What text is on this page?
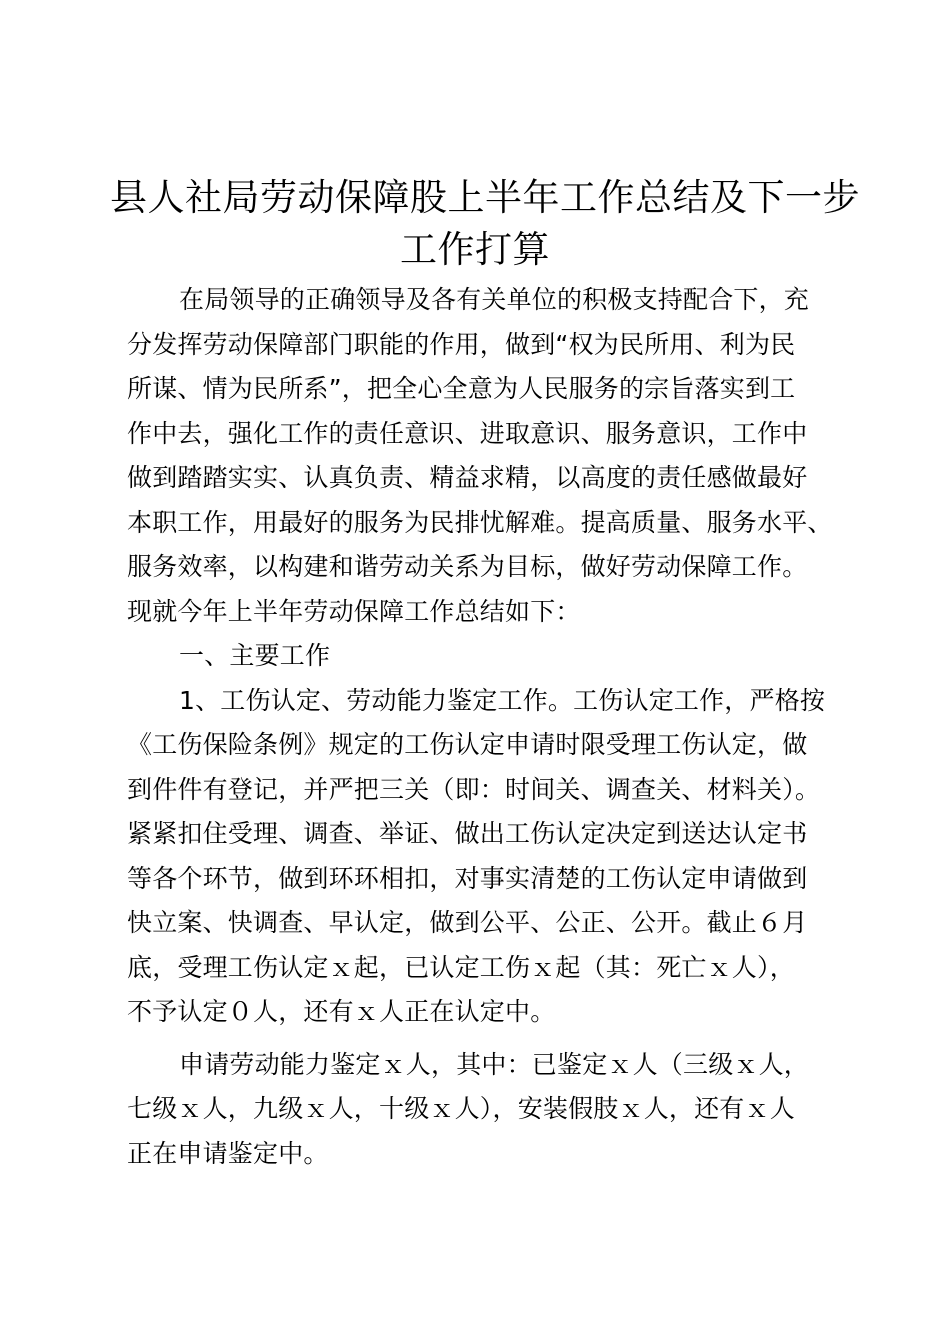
县人社局劳动保障股上半年工作总结及下一步
工作打算
在局领导的正确领导及各有关单位的积极支持配合下，充
分发挥劳动保障部门职能的作用，做到“权为民所用、利为民
所谋、情为民所系”，把全心全意为人民服务的宗旨落实到工
作中去，强化工作的责任意识、进取意识、服务意识，工作中
做到踏踏实实、认真负责、精益求精，以高度的责任感做最好
本职工作，用最好的服务为民排忧解难。提高质量、服务水平、
服务效率，以构建和谐劳动关系为目标，做好劳动保障工作。
现就今年上半年劳动保障工作总结如下：
一、主要工作
1、工伤认定、劳动能力鉴定工作。工伤认定工作，严格按
《工伤保险条例》规定的工伤认定申请时限受理工伤认定，做
到件件有登记，并严把三关（即：时间关、调查关、材料关）。
紧紧扣住受理、调查、举证、做出工伤认定决定到送达认定书
等各个环节，做到环环相扣，对事实清楚的工伤认定申请做到
快立案、快调查、早认定，做到公平、公正、公开。截止６月
底，受理工伤认定ｘ起，已认定工伤ｘ起（其：死亡ｘ人），
不予认定０人，还有ｘ人正在认定中。
申请劳动能力鉴定ｘ人，其中：已鉴定ｘ人（三级ｘ人，
七级ｘ人，九级ｘ人，十级ｘ人），安装假肢ｘ人，还有ｘ人
正在申请鉴定中。
